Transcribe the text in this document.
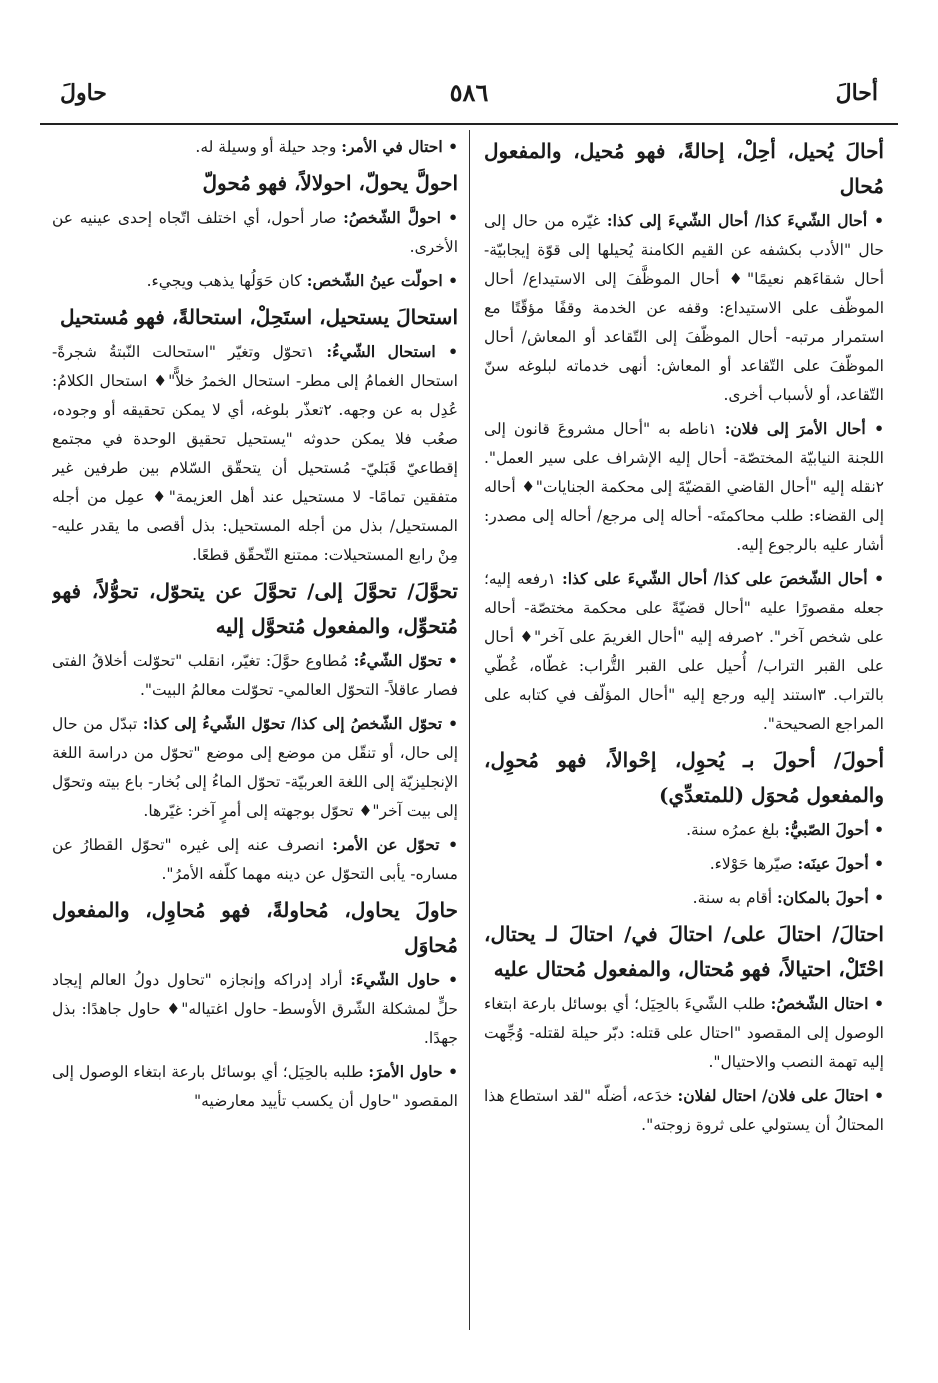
أحالَ
٥٨٦
حاولَ
أحالَ يُحيل، أحِلْ، إحالةً، فهو مُحيل، والمفعول مُحال
• أحال الشّيءَ كذا/ أحال الشّيءَ إلى كذا: غيّره من حال إلى حال "الأدب بكشفه عن القيم الكامنة يُحيلها إلى قوّة إيجابيّة- أحال شقاءَهم نعيمًا"♦ أحال الموظَّفَ إلى الاستيداع/ أحال الموظّف على الاستيداع: وقفه عن الخدمة وقفًا مؤقّتًا مع استمرار مرتبه- أحال الموظّفَ إلى التّقاعد أو المعاش/ أحال الموظّفَ على التّقاعد أو المعاش: أنهى خدماته لبلوغه سنّ التّقاعد، أو لأسباب أخرى.
• أحال الأمرَ إلى فلان: ١ناطه به "أحال مشروعَ قانون إلى اللجنة النيابيّة المختصّة- أحال إليه الإشراف على سير العمل". ٢نقله إليه "أحال القاضي القضيّةَ إلى محكمة الجنايات"♦ أحاله إلى القضاء: طلب محاكمتَه- أحاله إلى مرجع/ أحاله إلى مصدر: أشار عليه بالرجوع إليه.
• أحال الشّخصَ على كذا/ أحال الشّيءَ على كذا: ١رفعه إليه؛ جعله مقصورًا عليه "أحال قضيّةً على محكمة مختصّة- أحاله على شخص آخر". ٢صرفه إليه "أحال الغريمَ على آخر"♦ أحال على القبر التراب/ أُحيل على القبر التُّراب: غطّاه، غُطّي بالتراب. ٣استند إليه ورجع إليه "أحال المؤلّف في كتابه على المراجع الصحيحة".
أحولَ/ أحولَ بـ يُحوِل، إحْوالاً، فهو مُحوِل، والمفعول مُحوَل (للمتعدِّي)
• أحولَ الصّبيُّ: بلغ عمرُه سنة.
• أحولَ عينَه: صيّرها حَوْلاء.
• أحولَ بالمكان: أقام به سنة.
احتالَ/ احتالَ على/ احتالَ في/ احتالَ لـ يحتال، احْتَلْ، احتيالاً، فهو مُحتال، والمفعول مُحتال عليه
• احتال الشّخصُ: طلب الشّيءَ بالحِيَل؛ أي بوسائل بارعة ابتغاء الوصول إلى المقصود "احتال على قتله: دبّر حيلة لقتله- وُجِّهت إليه تهمة النصب والاحتيال".
• احتالَ على فلان/ احتال لفلان: خدَعه، أضلّه "لقد استطاع هذا المحتالُ أن يستولي على ثروة زوجته".
• احتال في الأمر: وجد حيلة أو وسيلة له.
احولَّ يحولّ، احولالاً، فهو مُحولّ
• احولَّ الشّخصُ: صار أحول، أي اختلف اتّجاه إحدى عينيه عن الأخرى.
• احولّت عينُ الشّخص: كان حَوَلُها يذهب ويجيء.
استحالَ يستحيل، استَحِلْ، استحالةً، فهو مُستحيل
• استحال الشّيءُ: ١تحوّل وتغيّر "استحالت النّبتةُ شجرةً- استحال الغمامُ إلى مطر- استحال الخمرُ خلاًّ"♦ استحال الكلامُ: عُدِل به عن وجهه. ٢تعذّر بلوغه، أي لا يمكن تحقيقه أو وجوده، صعُب فلا يمكن حدوثه "يستحيل تحقيق الوحدة في مجتمع إقطاعيّ قَبَليّ- مُستحيل أن يتحقّق السّلام بين طرفين غير متفقين تمامًا- لا مستحيل عند أهل العزيمة"♦ عمِل من أجله المستحيل/ بذل من أجله المستحيل: بذل أقصى ما يقدر عليه- مِنْ رابع المستحيلات: ممتنع التّحقّق قطعًا.
تحوَّلَ/ تحوَّلَ إلى/ تحوَّلَ عن يتحوّل، تحوُّلاً، فهو مُتحوِّل، والمفعول مُتحوَّل إليه
• تحوّل الشّيءُ: مُطاوع حوَّلَ: تغيّر، انقلب "تحوّلت أخلاقُ الفتى فصار عاقلاً- التحوّل العالمي- تحوّلت معالمُ البيت".
• تحوّل الشّخصُ إلى كذا/ تحوّل الشّيءُ إلى كذا: تبدّل من حال إلى حال، أو تنقّل من موضع إلى موضع "تحوّل من دراسة اللغة الإنجليزيّة إلى اللغة العربيّة- تحوّل الماءُ إلى بُخار- باع بيته وتحوّل إلى بيت آخر"♦ تحوّل بوجهته إلى أمرٍ آخر: غيّرها.
• تحوّل عن الأمر: انصرف عنه إلى غيره "تحوّل القطارُ عن مساره- يأبى التحوّل عن دينه مهما كلّفه الأمرُ".
حاولَ يحاول، مُحاولةً، فهو مُحاوِل، والمفعول مُحاوَل
• حاول الشّيءَ: أراد إدراكه وإنجازه "تحاول دولُ العالم إيجاد حلٍّ لمشكلة الشّرق الأوسط- حاول اغتياله"♦ حاول جاهدًا: بذل جهدًا.
• حاول الأمرَ: طلبه بالحِيَل؛ أي بوسائل بارعة ابتغاء الوصول إلى المقصود "حاول أن يكسب تأييد معارضيه"
